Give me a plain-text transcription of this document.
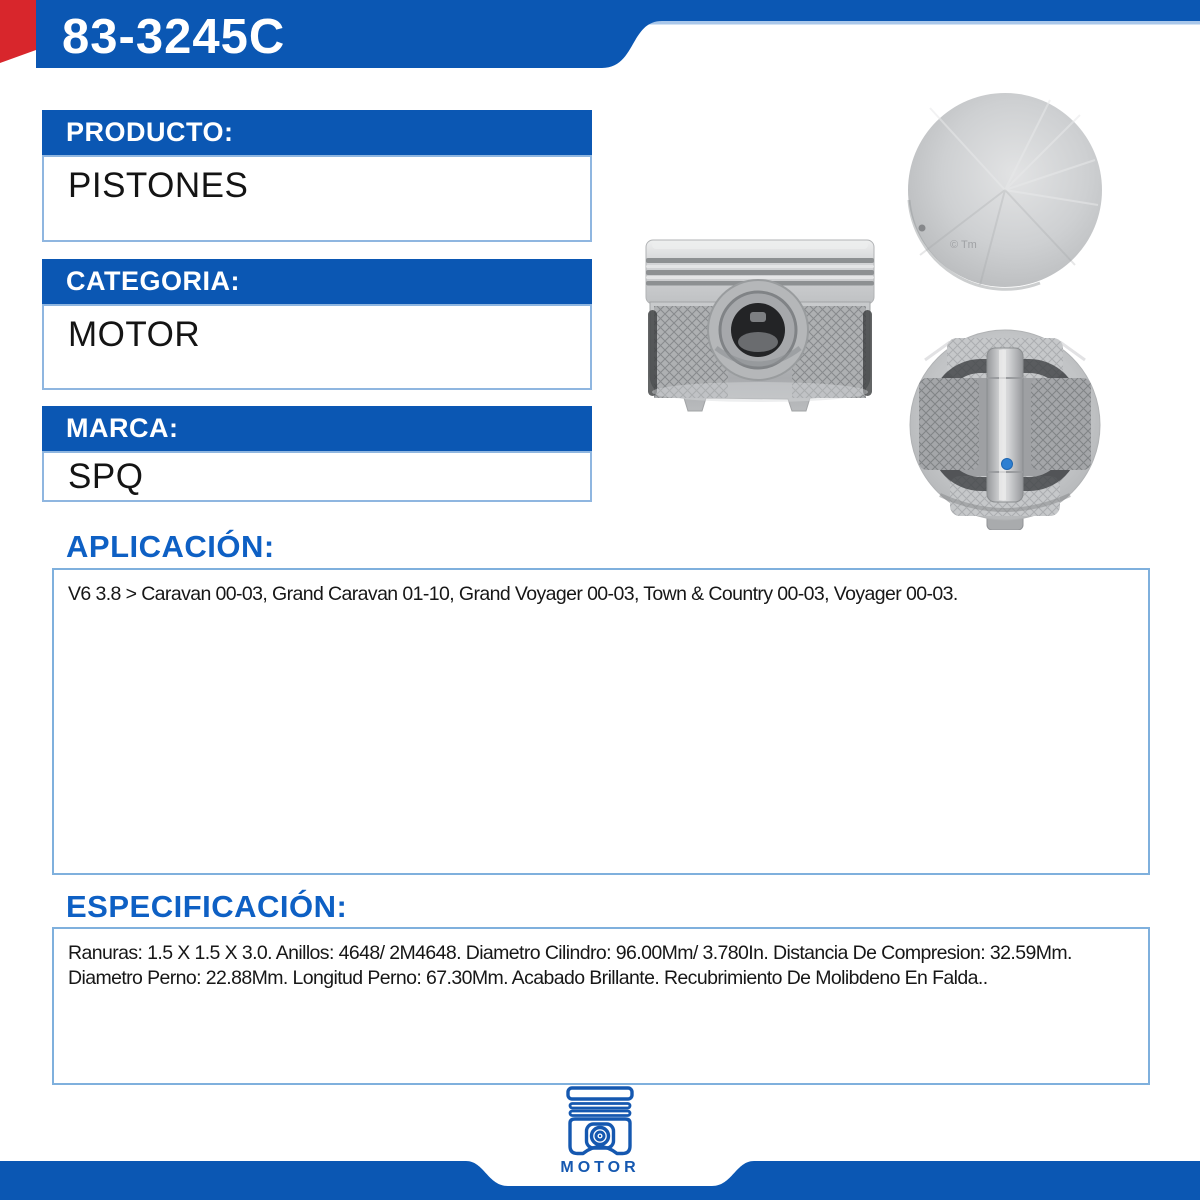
83-3245C
PRODUCTO:
PISTONES
CATEGORIA:
MOTOR
MARCA:
SPQ
© Tm
APLICACIÓN:
V6 3.8 > Caravan 00-03, Grand Caravan 01-10, Grand Voyager 00-03, Town & Country 00-03, Voyager 00-03.
ESPECIFICACIÓN:
Ranuras: 1.5 X 1.5 X 3.0. Anillos: 4648/ 2M4648. Diametro Cilindro: 96.00Mm/ 3.780In. Distancia De Compresion: 32.59Mm. Diametro Perno: 22.88Mm. Longitud Perno: 67.30Mm. Acabado Brillante. Recubrimiento De Molibdeno En Falda..
MOTOR
